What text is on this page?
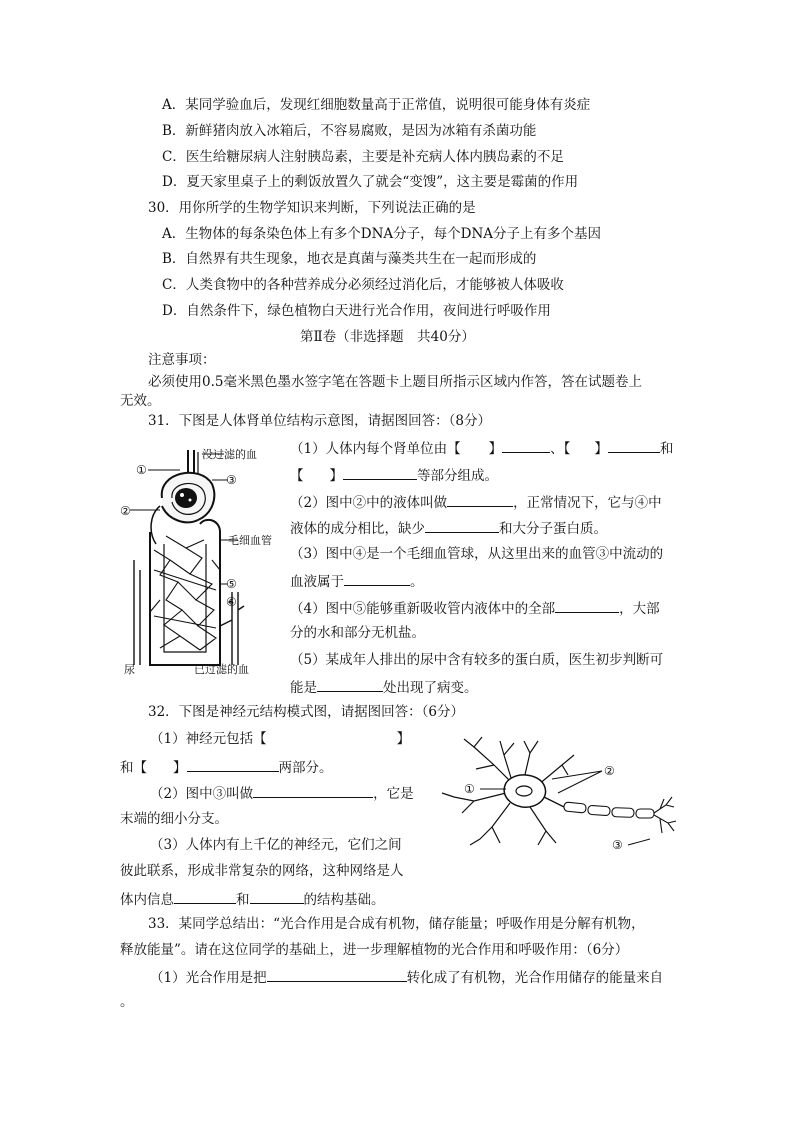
A．某同学验血后，发现红细胞数量高于正常值，说明很可能身体有炎症
B．新鲜猪肉放入冰箱后，不容易腐败，是因为冰箱有杀菌功能
C．医生给糖尿病人注射胰岛素，主要是补充病人体内胰岛素的不足
D．夏天家里桌子上的剩饭放置久了就会“变馊”，这主要是霉菌的作用
30．用你所学的生物学知识来判断，下列说法正确的是
A．生物体的每条染色体上有多个DNA分子，每个DNA分子上有多个基因
B．自然界有共生现象，地衣是真菌与藻类共生在一起而形成的
C．人类食物中的各种营养成分必须经过消化后，才能够被人体吸收
D．自然条件下，绿色植物白天进行光合作用，夜间进行呼吸作用
第Ⅱ卷（非选择题　共40分）
注意事项：
必须使用0.5毫米黑色墨水签字笔在答题卡上题目所指示区域内作答，答在试题卷上
无效。
31．下图是人体肾单位结构示意图，请据图回答：（8分）
①
没过滤的血
③
②
毛细血管
⑤
⑥
尿	已过滤的血
（1）人体内每个肾单位由【 】	、【 】	和
【 】	等部分组成。
（2）图中②中的液体叫做	，正常情况下，它与④中
液体的成分相比，缺少	和大分子蛋白质。
（3）图中④是一个毛细血管球，从这里出来的血管③中流动的
血液属于	。
（4）图中⑤能够重新吸收管内液体中的全部	，大部
分的水和部分无机盐。
（5）某成年人排出的尿中含有较多的蛋白质，医生初步判断可
能是	处出现了病变。
32．下图是神经元结构模式图，请据图回答：（6分）
（1）神经元包括【	】
和【 】	两部分。
（2）图中③叫做	，它是
末端的细小分支。
（3）人体内有上千亿的神经元，它们之间
彼此联系，形成非常复杂的网络，这种网络是人
体内信息	和	的结构基础。
①
②
③
33．某同学总结出：“光合作用是合成有机物，储存能量；呼吸作用是分解有机物，
释放能量”。请在这位同学的基础上，进一步理解植物的光合作用和呼吸作用：（6分）
（1）光合作用是把	转化成了有机物，光合作用储存的能量来自
。
